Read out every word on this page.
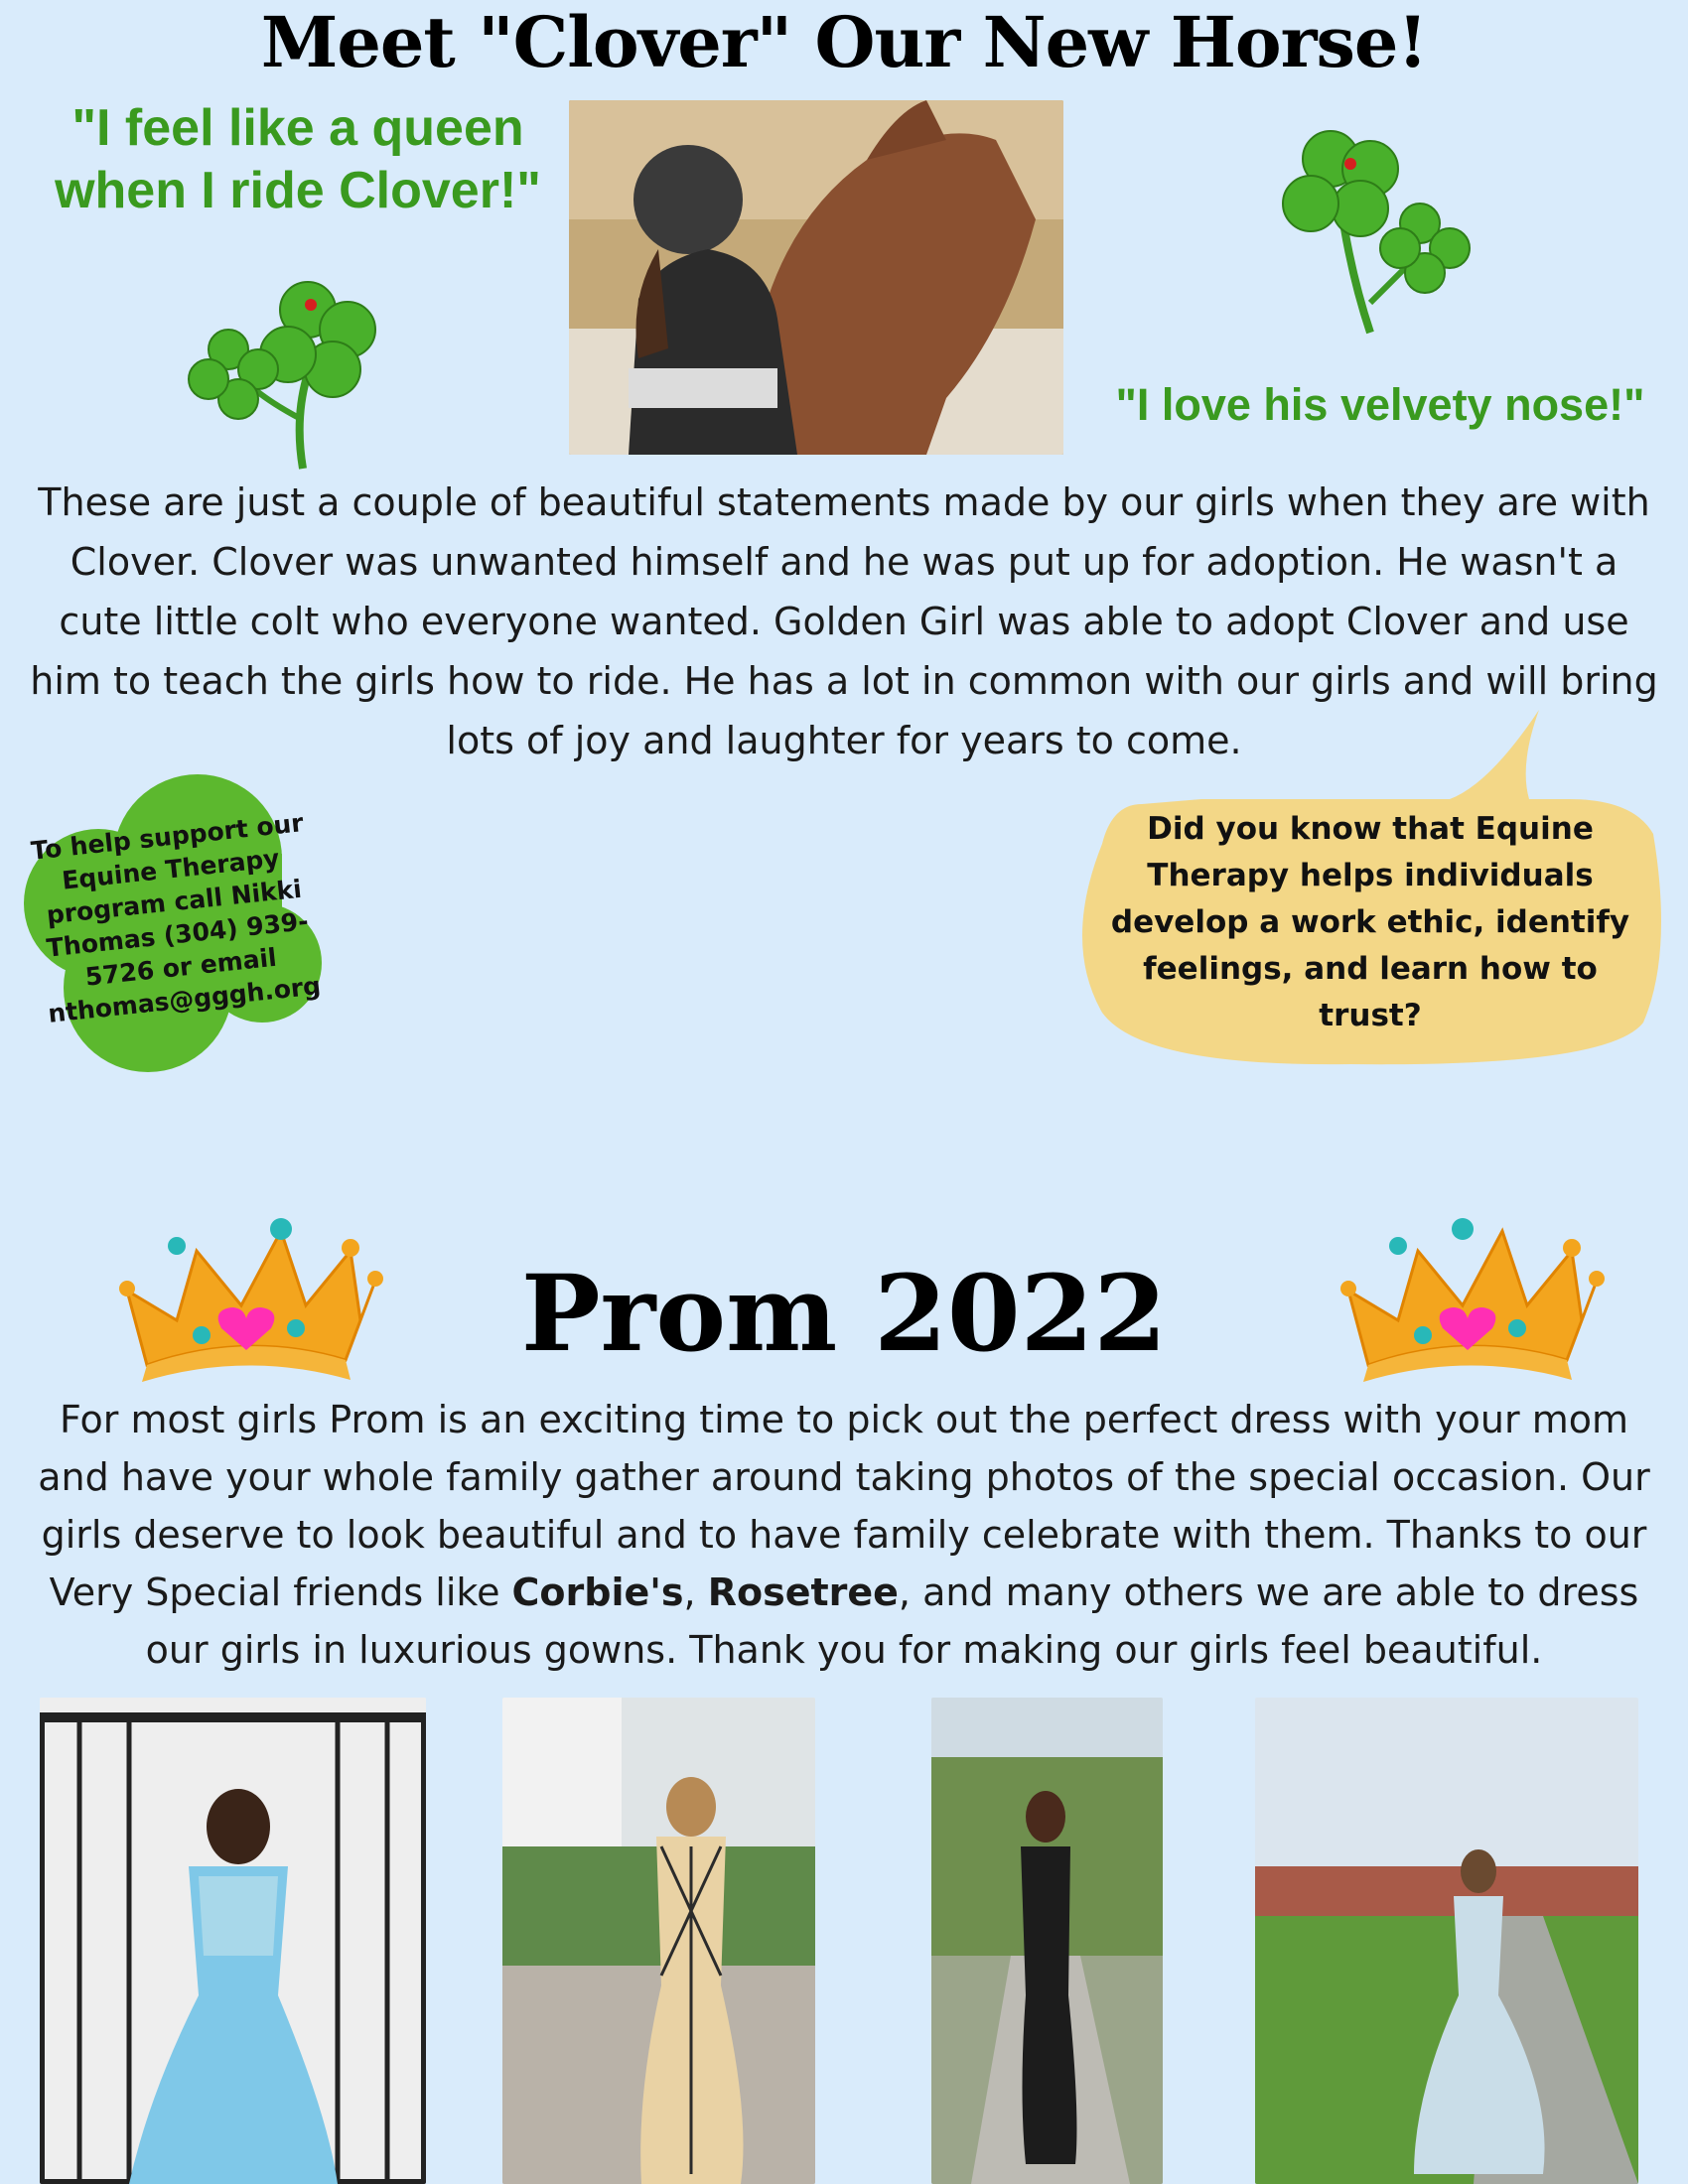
Meet "Clover" Our New Horse!
"I feel like a queen
when I ride Clover!"
"I love his velvety nose!"
These are just a couple of beautiful statements made by our girls when they are with Clover. Clover was unwanted himself and he was put up for adoption. He wasn't a cute little colt who everyone wanted. Golden Girl was able to adopt Clover and use him to teach the girls how to ride. He has a lot in common with our girls and will bring lots of joy and laughter for years to come.
To help support our Equine Therapy program call Nikki Thomas (304) 939-5726 or email nthomas@gggh.org
Did you know that Equine Therapy helps individuals develop a work ethic, identify feelings, and learn how to trust?
Prom 2022
For most girls Prom is an exciting time to pick out the perfect dress with your mom and have your whole family gather around taking photos of the special occasion. Our girls deserve to look beautiful and to have family celebrate with them. Thanks to our Very Special friends like Corbie's, Rosetree, and many others we are able to dress our girls in luxurious gowns. Thank you for making our girls feel beautiful.
